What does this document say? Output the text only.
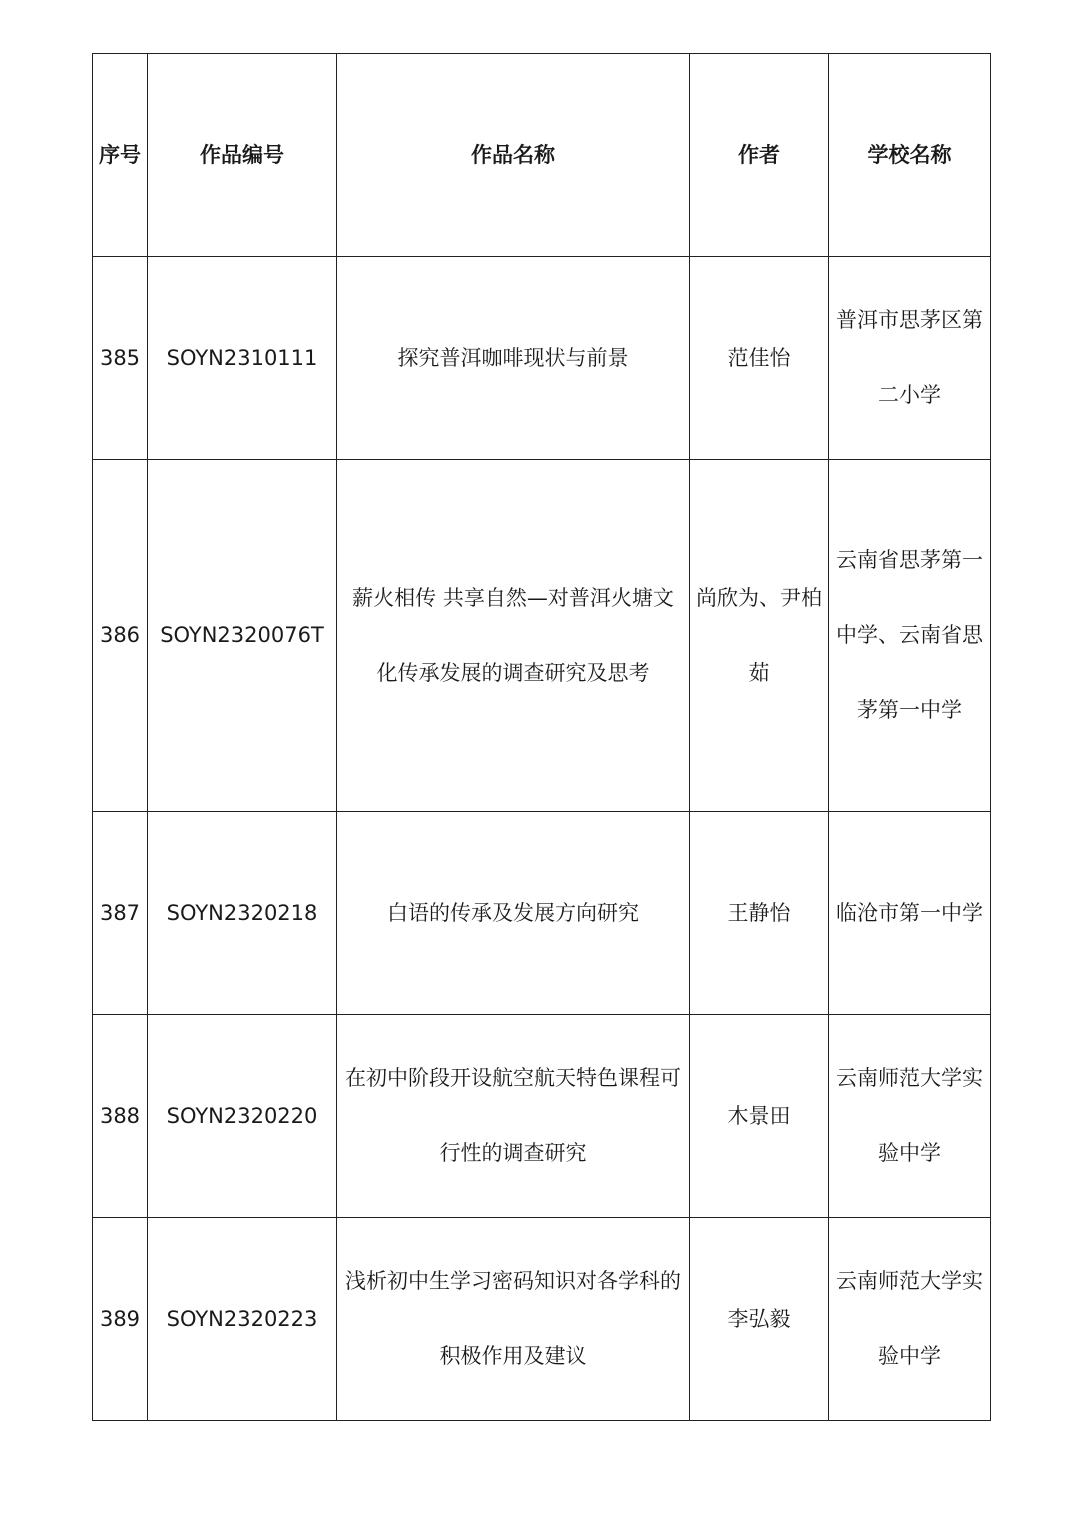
序号	作品编号	作品名称	作者	学校名称
385	SOYN2310111	探究普洱咖啡现状与前景	范佳怡	普洱市思茅区第二小学
386	SOYN2320076T	薪火相传 共享自然—对普洱火塘文化传承发展的调查研究及思考	尚欣为、尹柏茹	云南省思茅第一中学、云南省思茅第一中学
387	SOYN2320218	白语的传承及发展方向研究	王静怡	临沧市第一中学
388	SOYN2320220	在初中阶段开设航空航天特色课程可行性的调查研究	木景田	云南师范大学实验中学
389	SOYN2320223	浅析初中生学习密码知识对各学科的积极作用及建议	李弘毅	云南师范大学实验中学
